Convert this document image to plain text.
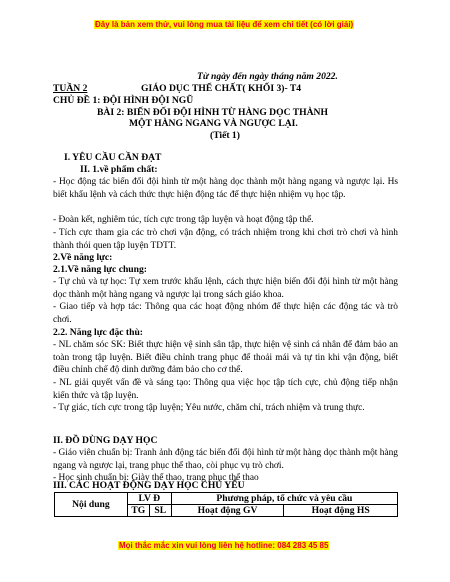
Đây là bản xem thử, vui lòng mua tài liệu để xem chi tiết (có lời giải)
Từ ngày đến ngày tháng năm 2022.
TUẦN 2	GIÁO DỤC THỂ CHẤT( KHỐI 3)- T4
CHỦ ĐỀ 1: ĐỘI HÌNH ĐỘI NGŨ
BÀI 2: BIẾN ĐỔI ĐỘI HÌNH TỪ HÀNG DỌC THÀNH
MỘT HÀNG NGANG VÀ NGƯỢC LẠI.
(Tiết 1)
I. YÊU CẦU CẦN ĐẠT
II. 1.về phẩm chất:
- Học động tác biến đổi đội hình từ một hàng dọc thành một hàng ngang và ngược lại. Hs biết khẩu lệnh và cách thức thực hiện động tác để thực hiện nhiệm vụ học tập.
- Đoàn kết, nghiêm túc, tích cực trong tập luyện và hoạt động tập thể.
- Tích cực tham gia các trò chơi vận động, có trách nhiệm trong khi chơi trò chơi và hình thành thói quen tập luyện TDTT.
2.Về năng lực:
2.1.Về năng lực chung:
- Tự chủ và tự học: Tự xem trước khẩu lệnh, cách thực hiện biến đổi đội hình từ một hàng dọc thành một hàng ngang và ngược lại trong sách giáo khoa.
- Giao tiếp và hợp tác: Thông qua các hoạt động nhóm để thực hiện các động tác và trò chơi.
2.2. Năng lực đặc thù:
- NL chăm sóc SK: Biết thực hiện vệ sinh sân tập, thực hiện vệ sinh cá nhân để đảm bảo an toàn trong tập luyện. Biết điều chỉnh trang phục để thoải mái và tự tin khi vận động, biết điều chỉnh chế độ dinh dưỡng đảm bảo cho cơ thể.
- NL giải quyết vấn đề và sáng tạo: Thông qua việc học tập tích cực, chủ động tiếp nhận kiến thức và tập luyện.
- Tự giác, tích cực trong tập luyện; Yêu nước, chăm chỉ, trách nhiệm và trung thực.
II. ĐỒ DÙNG DẠY HỌC
- Giáo viên chuẩn bị: Tranh ảnh động tác biến đổi đội hình từ một hàng dọc thành một hàng ngang và ngược lại, trang phục thể thao, còi phục vụ trò chơi.
- Học sinh chuẩn bị: Giày thể thao, trang phục thể thao
III. CÁC HOẠT ĐỘNG DẠY HỌC CHỦ YẾU
Nội dung	LV Đ		Phương pháp, tổ chức và yêu cầu	
	TG	SL	Hoạt động GV	Hoạt động HS
Mọi thắc mắc xin vui lòng liên hệ hotline: 084 283 45 85
